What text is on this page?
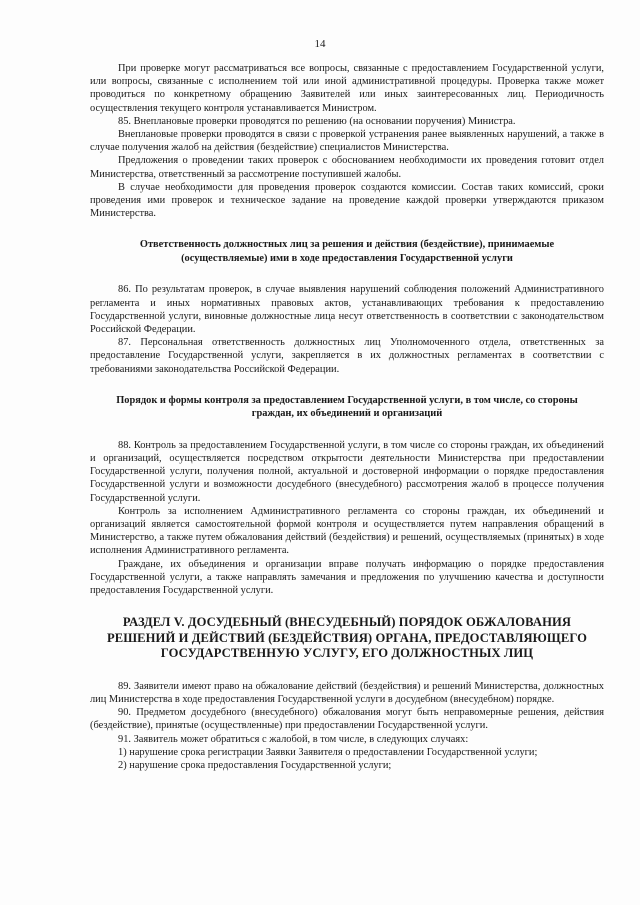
14

При проверке могут рассматриваться все вопросы, связанные с предоставлением Государственной услуги, или вопросы, связанные с исполнением той или иной административной процедуры. Проверка также может проводиться по конкретному обращению Заявителей или иных заинтересованных лиц. Периодичность осуществления текущего контроля устанавливается Министром.

85. Внеплановые проверки проводятся по решению (на основании поручения) Министра.

Внеплановые проверки проводятся в связи с проверкой устранения ранее выявленных нарушений, а также в случае получения жалоб на действия (бездействие) специалистов Министерства.

Предложения о проведении таких проверок с обоснованием необходимости их проведения готовит отдел Министерства, ответственный за рассмотрение поступившей жалобы.

В случае необходимости для проведения проверок создаются комиссии. Состав таких комиссий, сроки проведения ими проверок и техническое задание на проведение каждой проверки утверждаются приказом Министерства.

Ответственность должностных лиц за решения и действия (бездействие), принимаемые (осуществляемые) ими в ходе предоставления Государственной услуги

86. По результатам проверок, в случае выявления нарушений соблюдения положений Административного регламента и иных нормативных правовых актов, устанавливающих требования к предоставлению Государственной услуги, виновные должностные лица несут ответственность в соответствии с законодательством Российской Федерации.

87. Персональная ответственность должностных лиц Уполномоченного отдела, ответственных за предоставление Государственной услуги, закрепляется в их должностных регламентах в соответствии с требованиями законодательства Российской Федерации.

Порядок и формы контроля за предоставлением Государственной услуги, в том числе, со стороны граждан, их объединений и организаций

88. Контроль за предоставлением Государственной услуги, в том числе со стороны граждан, их объединений и организаций, осуществляется посредством открытости деятельности Министерства при предоставлении Государственной услуги, получения полной, актуальной и достоверной информации о порядке предоставления Государственной услуги и возможности досудебного (внесудебного) рассмотрения жалоб в процессе получения Государственной услуги.

Контроль за исполнением Административного регламента со стороны граждан, их объединений и организаций является самостоятельной формой контроля и осуществляется путем направления обращений в Министерство, а также путем обжалования действий (бездействия) и решений, осуществляемых (принятых) в ходе исполнения Административного регламента.

Граждане, их объединения и организации вправе получать информацию о порядке предоставления Государственной услуги, а также направлять замечания и предложения по улучшению качества и доступности предоставления Государственной услуги.

РАЗДЕЛ V. ДОСУДЕБНЫЙ (ВНЕСУДЕБНЫЙ) ПОРЯДОК ОБЖАЛОВАНИЯ РЕШЕНИЙ И ДЕЙСТВИЙ (БЕЗДЕЙСТВИЯ) ОРГАНА, ПРЕДОСТАВЛЯЮЩЕГО ГОСУДАРСТВЕННУЮ УСЛУГУ, ЕГО ДОЛЖНОСТНЫХ ЛИЦ

89. Заявители имеют право на обжалование действий (бездействия) и решений Министерства, должностных лиц Министерства в ходе предоставления Государственной услуги в досудебном (внесудебном) порядке.

90. Предметом досудебного (внесудебного) обжалования могут быть неправомерные решения, действия (бездействие), принятые (осуществленные) при предоставлении Государственной услуги.

91. Заявитель может обратиться с жалобой, в том числе, в следующих случаях:

1) нарушение срока регистрации Заявки Заявителя о предоставлении Государственной услуги;

2) нарушение срока предоставления Государственной услуги;
